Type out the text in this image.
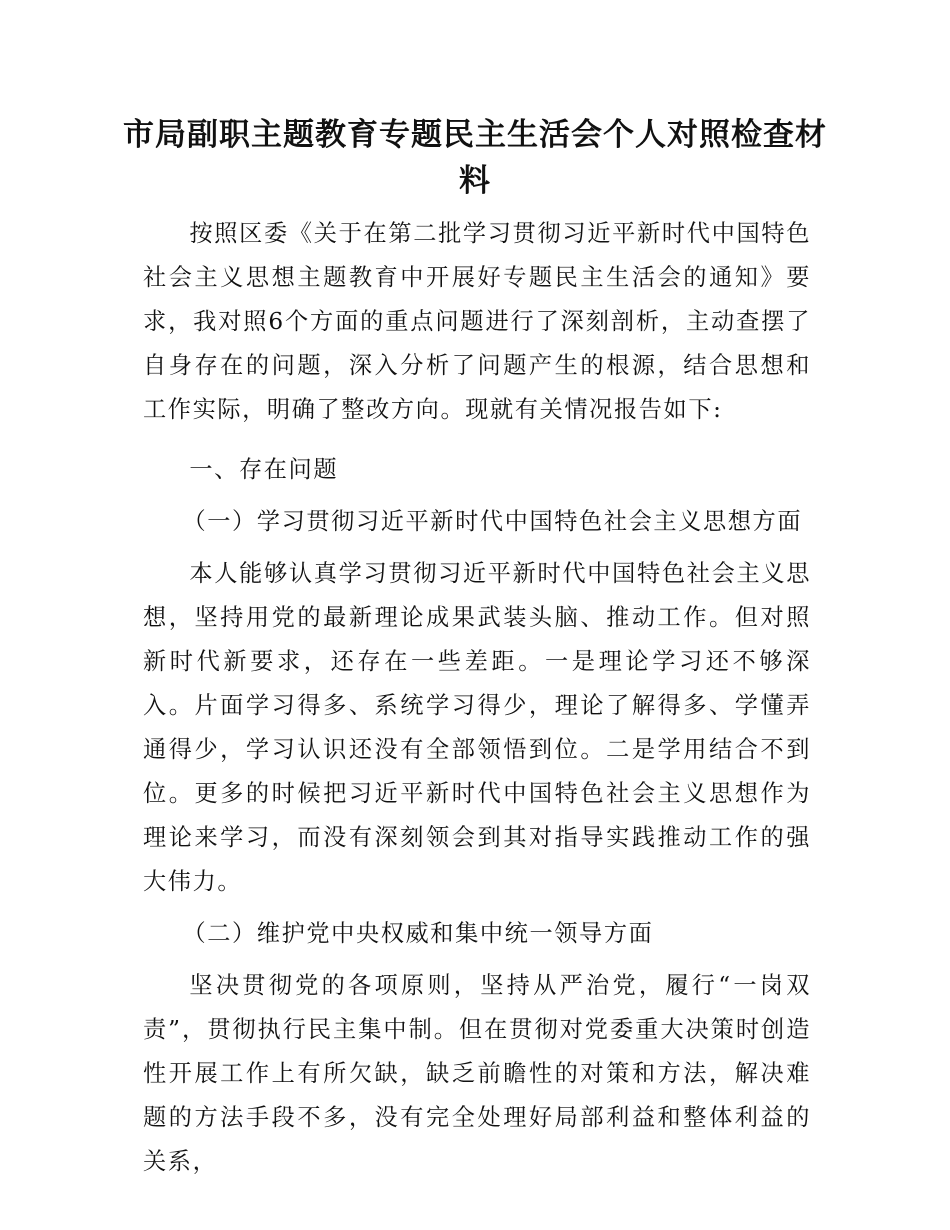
市局副职主题教育专题民主生活会个人对照检查材料

按照区委《关于在第二批学习贯彻习近平新时代中国特色社会主义思想主题教育中开展好专题民主生活会的通知》要求，我对照6个方面的重点问题进行了深刻剖析，主动查摆了自身存在的问题，深入分析了问题产生的根源，结合思想和工作实际，明确了整改方向。现就有关情况报告如下:

一、存在问题

（一）学习贯彻习近平新时代中国特色社会主义思想方面

本人能够认真学习贯彻习近平新时代中国特色社会主义思想，坚持用党的最新理论成果武装头脑、推动工作。但对照新时代新要求，还存在一些差距。一是理论学习还不够深入。片面学习得多、系统学习得少，理论了解得多、学懂弄通得少，学习认识还没有全部领悟到位。二是学用结合不到位。更多的时候把习近平新时代中国特色社会主义思想作为理论来学习，而没有深刻领会到其对指导实践推动工作的强大伟力。

（二）维护党中央权威和集中统一领导方面

坚决贯彻党的各项原则，坚持从严治党，履行“一岗双责”，贯彻执行民主集中制。但在贯彻对党委重大决策时创造性开展工作上有所欠缺，缺乏前瞻性的对策和方法，解决难题的方法手段不多，没有完全处理好局部利益和整体利益的关系，
